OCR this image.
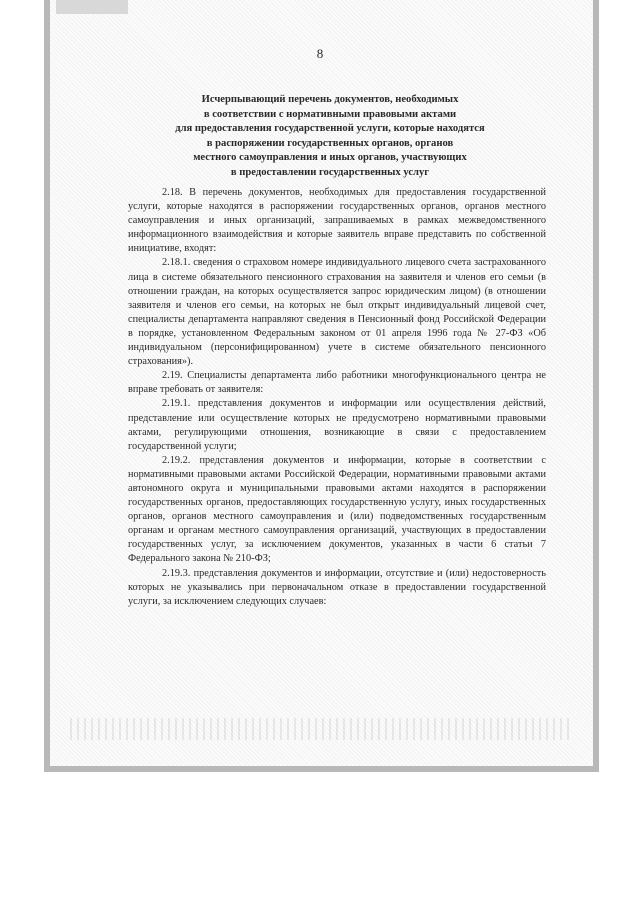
8
Исчерпывающий перечень документов, необходимых
в соответствии с нормативными правовыми актами
для предоставления государственной услуги, которые находятся
в распоряжении государственных органов, органов
местного самоуправления и иных органов, участвующих
в предоставлении государственных услуг

2.18. В перечень документов, необходимых для предоставления государственной услуги, которые находятся в распоряжении государственных органов, органов местного самоуправления и иных организаций, запрашиваемых в рамках межведомственного информационного взаимодействия и которые заявитель вправе представить по собственной инициативе, входят:

2.18.1. сведения о страховом номере индивидуального лицевого счета застрахованного лица в системе обязательного пенсионного страхования на заявителя и членов его семьи (в отношении граждан, на которых осуществляется запрос юридическим лицом) (в отношении заявителя и членов его семьи, на которых не был открыт индивидуальный лицевой счет, специалисты департамента направляют сведения в Пенсионный фонд Российской Федерации в порядке, установленном Федеральным законом от 01 апреля 1996 года № 27-ФЗ «Об индивидуальном (персонифицированном) учете в системе обязательного пенсионного страхования»).

2.19. Специалисты департамента либо работники многофункционального центра не вправе требовать от заявителя:

2.19.1. представления документов и информации или осуществления действий, представление или осуществление которых не предусмотрено нормативными правовыми актами, регулирующими отношения, возникающие в связи с предоставлением государственной услуги;

2.19.2. представления документов и информации, которые в соответствии с нормативными правовыми актами Российской Федерации, нормативными правовыми актами автономного округа и муниципальными правовыми актами находятся в распоряжении государственных органов, предоставляющих государственную услугу, иных государственных органов, органов местного самоуправления и (или) подведомственных государственным органам и органам местного самоуправления организаций, участвующих в предоставлении государственных услуг, за исключением документов, указанных в части 6 статьи 7 Федерального закона № 210-ФЗ;

2.19.3. представления документов и информации, отсутствие и (или) недостоверность которых не указывались при первоначальном отказе в предоставлении государственной услуги, за исключением следующих случаев:
